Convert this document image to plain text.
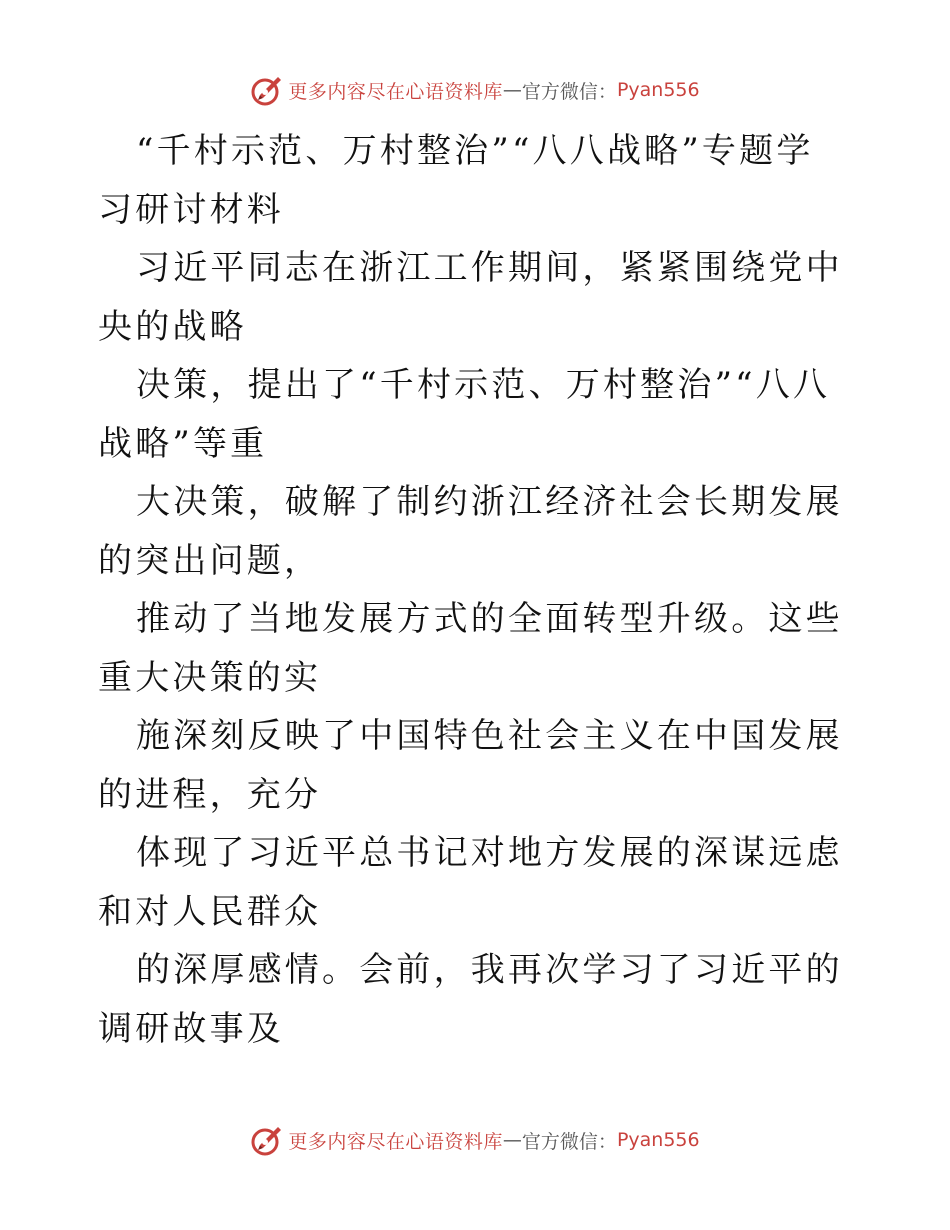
更多内容尽在心语资料库 — 官方微信： Pyan556

“千村示范、万村整治”“八八战略”专题学习研讨材料

习近平同志在浙江工作期间，紧紧围绕党中央的战略

决策，提出了“千村示范、万村整治”“八八战略”等重

大决策，破解了制约浙江经济社会长期发展的突出问题，

推动了当地发展方式的全面转型升级。这些重大决策的实

施深刻反映了中国特色社会主义在中国发展的进程，充分

体现了习近平总书记对地方发展的深谋远虑和对人民群众

的深厚感情。会前，我再次学习了习近平的调研故事及

更多内容尽在心语资料库 — 官方微信： Pyan556
